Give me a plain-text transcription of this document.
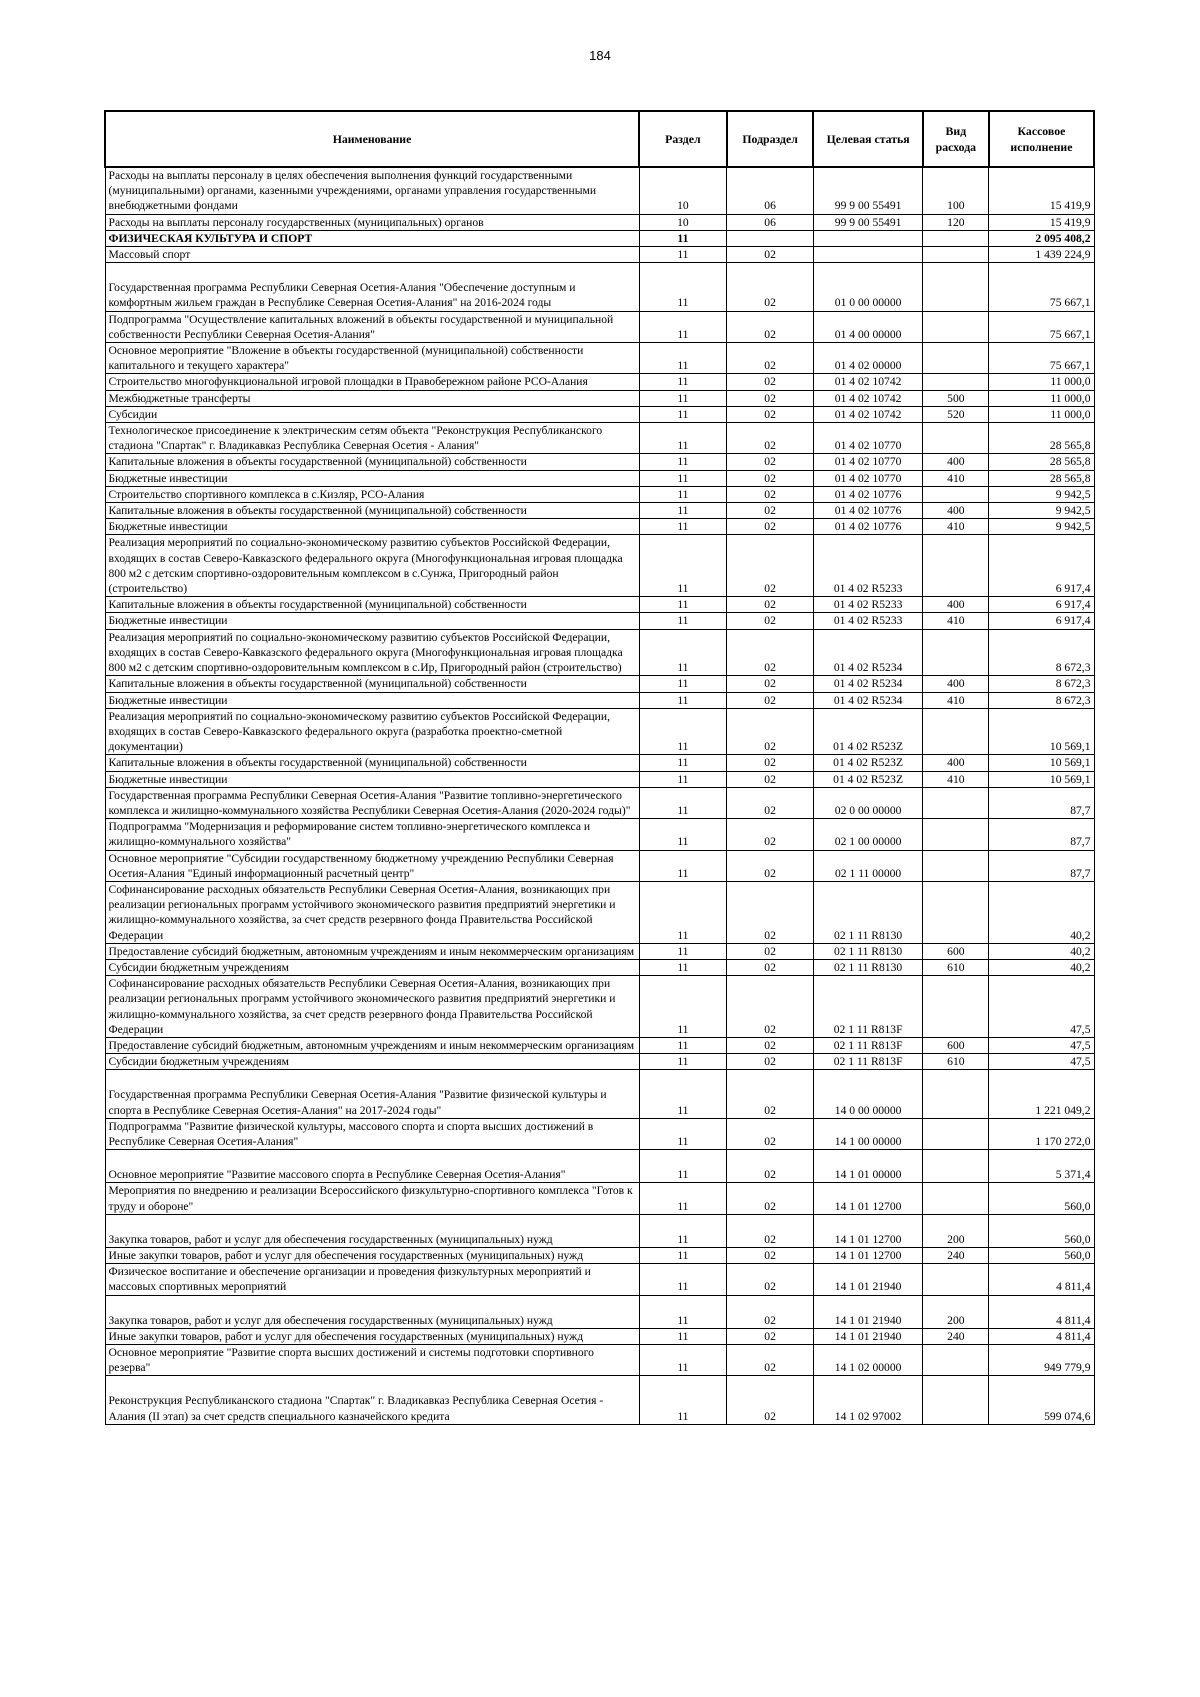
184
Наименование	Раздел	Подраздел	Целевая статья	Вид расхода	Кассовое исполнение
Расходы на выплаты персоналу в целях обеспечения выполнения функций государственными (муниципальными) органами, казенными учреждениями, органами управления государственными внебюджетными фондами	10	06	99 9 00 55491	100	15 419,9
Расходы на выплаты персоналу государственных (муниципальных) органов	10	06	99 9 00 55491	120	15 419,9
ФИЗИЧЕСКАЯ КУЛЬТУРА И СПОРТ	11				2 095 408,2
Массовый спорт	11	02			1 439 224,9
Государственная программа Республики Северная Осетия-Алания "Обеспечение доступным и комфортным жильем граждан в Республике Северная Осетия-Алания" на 2016-2024 годы	11	02	01 0 00 00000		75 667,1
Подпрограмма "Осуществление капитальных вложений в объекты государственной и муниципальной собственности Республики Северная Осетия-Алания"	11	02	01 4 00 00000		75 667,1
Основное мероприятие "Вложение в объекты государственной (муниципальной) собственности капитального и текущего характера"	11	02	01 4 02 00000		75 667,1
Строительство многофункциональной игровой площадки в Правобережном районе РСО-Алания	11	02	01 4 02 10742		11 000,0
Межбюджетные трансферты	11	02	01 4 02 10742	500	11 000,0
Субсидии	11	02	01 4 02 10742	520	11 000,0
Технологическое присоединение к электрическим сетям объекта "Реконструкция Республиканского стадиона "Спартак" г. Владикавказ Республика Северная Осетия - Алания"	11	02	01 4 02 10770		28 565,8
Капитальные вложения в объекты государственной (муниципальной) собственности	11	02	01 4 02 10770	400	28 565,8
Бюджетные инвестиции	11	02	01 4 02 10770	410	28 565,8
Строительство спортивного комплекса в с.Кизляр, РСО-Алания	11	02	01 4 02 10776		9 942,5
Капитальные вложения в объекты государственной (муниципальной) собственности	11	02	01 4 02 10776	400	9 942,5
Бюджетные инвестиции	11	02	01 4 02 10776	410	9 942,5
Реализация мероприятий по социально-экономическому развитию субъектов Российской Федерации, входящих в состав Северо-Кавказского федерального округа (Многофункциональная игровая площадка 800 м2 с детским спортивно-оздоровительным комплексом в с.Сунжа, Пригородный район (строительство)	11	02	01 4 02 R5233		6 917,4
Капитальные вложения в объекты государственной (муниципальной) собственности	11	02	01 4 02 R5233	400	6 917,4
Бюджетные инвестиции	11	02	01 4 02 R5233	410	6 917,4
Реализация мероприятий по социально-экономическому развитию субъектов Российской Федерации, входящих в состав Северо-Кавказского федерального округа (Многофункциональная игровая площадка 800 м2 с детским спортивно-оздоровительным комплексом в с.Ир, Пригородный район (строительство)	11	02	01 4 02 R5234		8 672,3
Капитальные вложения в объекты государственной (муниципальной) собственности	11	02	01 4 02 R5234	400	8 672,3
Бюджетные инвестиции	11	02	01 4 02 R5234	410	8 672,3
Реализация мероприятий по социально-экономическому развитию субъектов Российской Федерации, входящих в состав Северо-Кавказского федерального округа (разработка проектно-сметной документации)	11	02	01 4 02 R523Z		10 569,1
Капитальные вложения в объекты государственной (муниципальной) собственности	11	02	01 4 02 R523Z	400	10 569,1
Бюджетные инвестиции	11	02	01 4 02 R523Z	410	10 569,1
Государственная программа Республики Северная Осетия-Алания "Развитие топливно-энергетического комплекса и жилищно-коммунального хозяйства Республики Северная Осетия-Алания (2020-2024 годы)"	11	02	02 0 00 00000		87,7
Подпрограмма "Модернизация и реформирование систем топливно-энергетического комплекса и жилищно-коммунального хозяйства"	11	02	02 1 00 00000		87,7
Основное мероприятие "Субсидии государственному бюджетному учреждению Республики Северная Осетия-Алания "Единый информационный расчетный центр"	11	02	02 1 11 00000		87,7
Софинансирование расходных обязательств Республики Северная Осетия-Алания, возникающих при реализации региональных программ устойчивого экономического развития предприятий энергетики и жилищно-коммунального хозяйства, за счет средств резервного фонда Правительства Российской Федерации	11	02	02 1 11 R8130		40,2
Предоставление субсидий бюджетным, автономным учреждениям и иным некоммерческим организациям	11	02	02 1 11 R8130	600	40,2
Субсидии бюджетным учреждениям	11	02	02 1 11 R8130	610	40,2
Софинансирование расходных обязательств Республики Северная Осетия-Алания, возникающих при реализации региональных программ устойчивого экономического развития предприятий энергетики и жилищно-коммунального хозяйства, за счет средств резервного фонда Правительства Российской Федерации	11	02	02 1 11 R813F		47,5
Предоставление субсидий бюджетным, автономным учреждениям и иным некоммерческим организациям	11	02	02 1 11 R813F	600	47,5
Субсидии бюджетным учреждениям	11	02	02 1 11 R813F	610	47,5
Государственная программа Республики Северная Осетия-Алания "Развитие физической культуры и спорта в Республике Северная Осетия-Алания" на 2017-2024 годы"	11	02	14 0 00 00000		1 221 049,2
Подпрограмма "Развитие физической культуры, массового спорта и спорта высших достижений в Республике Северная Осетия-Алания"	11	02	14 1 00 00000		1 170 272,0
Основное мероприятие "Развитие массового спорта в Республике Северная Осетия-Алания"	11	02	14 1 01 00000		5 371,4
Мероприятия по внедрению и реализации Всероссийского физкультурно-спортивного комплекса "Готов к труду и обороне"	11	02	14 1 01 12700		560,0
Закупка товаров, работ и услуг для обеспечения государственных (муниципальных) нужд	11	02	14 1 01 12700	200	560,0
Иные закупки товаров, работ и услуг для обеспечения государственных (муниципальных) нужд	11	02	14 1 01 12700	240	560,0
Физическое воспитание и обеспечение организации и проведения физкультурных мероприятий и массовых спортивных мероприятий	11	02	14 1 01 21940		4 811,4
Закупка товаров, работ и услуг для обеспечения государственных (муниципальных) нужд	11	02	14 1 01 21940	200	4 811,4
Иные закупки товаров, работ и услуг для обеспечения государственных (муниципальных) нужд	11	02	14 1 01 21940	240	4 811,4
Основное мероприятие "Развитие спорта высших достижений и системы подготовки спортивного резерва"	11	02	14 1 02 00000		949 779,9
Реконструкция Республиканского стадиона "Спартак" г. Владикавказ Республика Северная Осетия - Алания (II этап) за счет средств специального казначейского кредита	11	02	14 1 02 97002		599 074,6
